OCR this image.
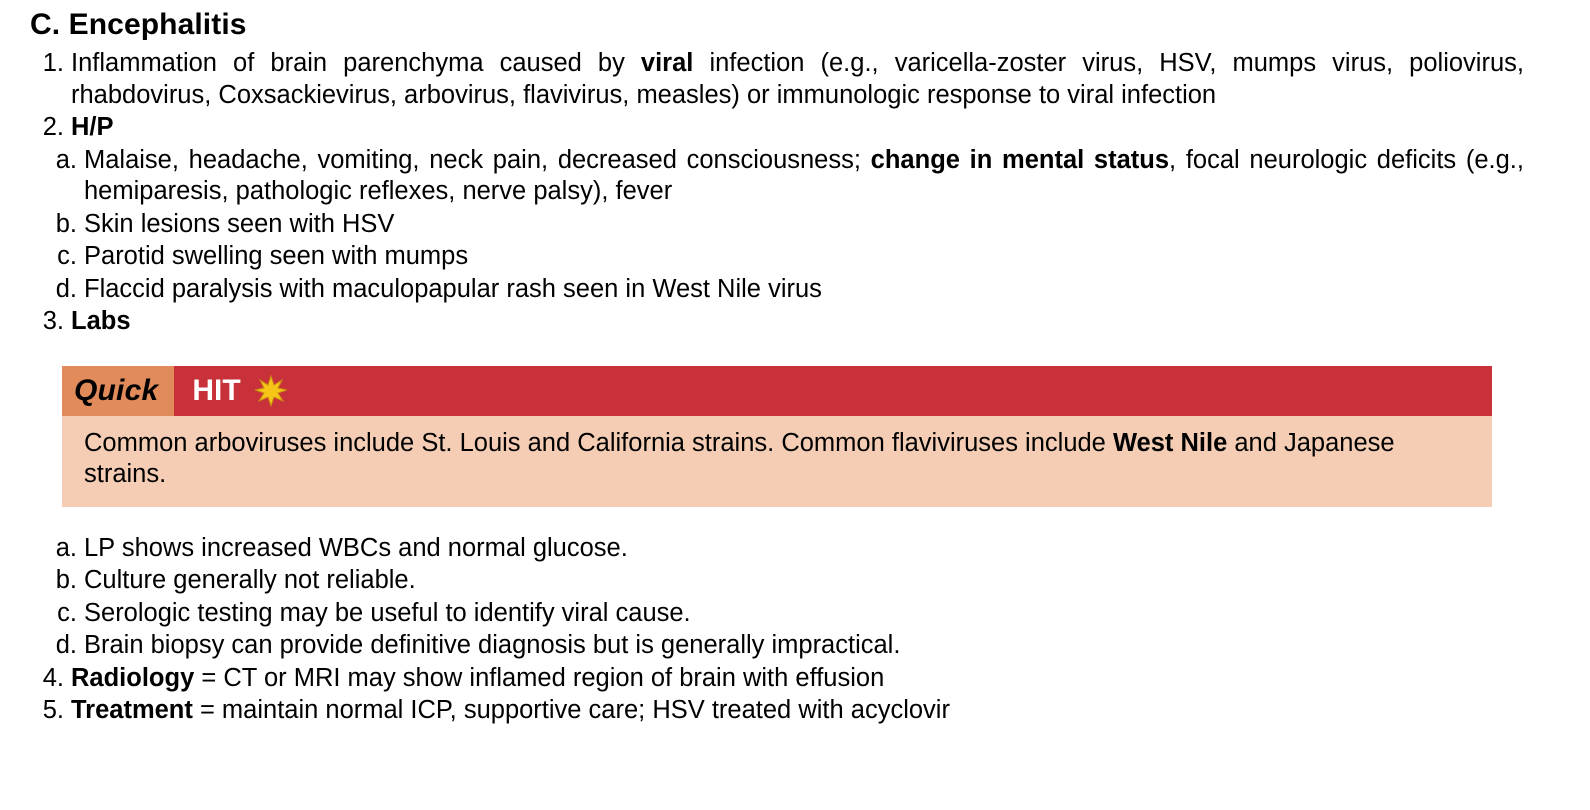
C. Encephalitis
1. Inflammation of brain parenchyma caused by viral infection (e.g., varicella-zoster virus, HSV, mumps virus, poliovirus, rhabdovirus, Coxsackievirus, arbovirus, flavivirus, measles) or immunologic response to viral infection
2. H/P
a. Malaise, headache, vomiting, neck pain, decreased consciousness; change in mental status, focal neurologic deficits (e.g., hemiparesis, pathologic reflexes, nerve palsy), fever
b. Skin lesions seen with HSV
c. Parotid swelling seen with mumps
d. Flaccid paralysis with maculopapular rash seen in West Nile virus
3. Labs
Quick	HIT
Common arboviruses include St. Louis and California strains. Common flaviviruses include West Nile and Japanese strains.
a. LP shows increased WBCs and normal glucose.
b. Culture generally not reliable.
c. Serologic testing may be useful to identify viral cause.
d. Brain biopsy can provide definitive diagnosis but is generally impractical.
4. Radiology = CT or MRI may show inflamed region of brain with effusion
5. Treatment = maintain normal ICP, supportive care; HSV treated with acyclovir
